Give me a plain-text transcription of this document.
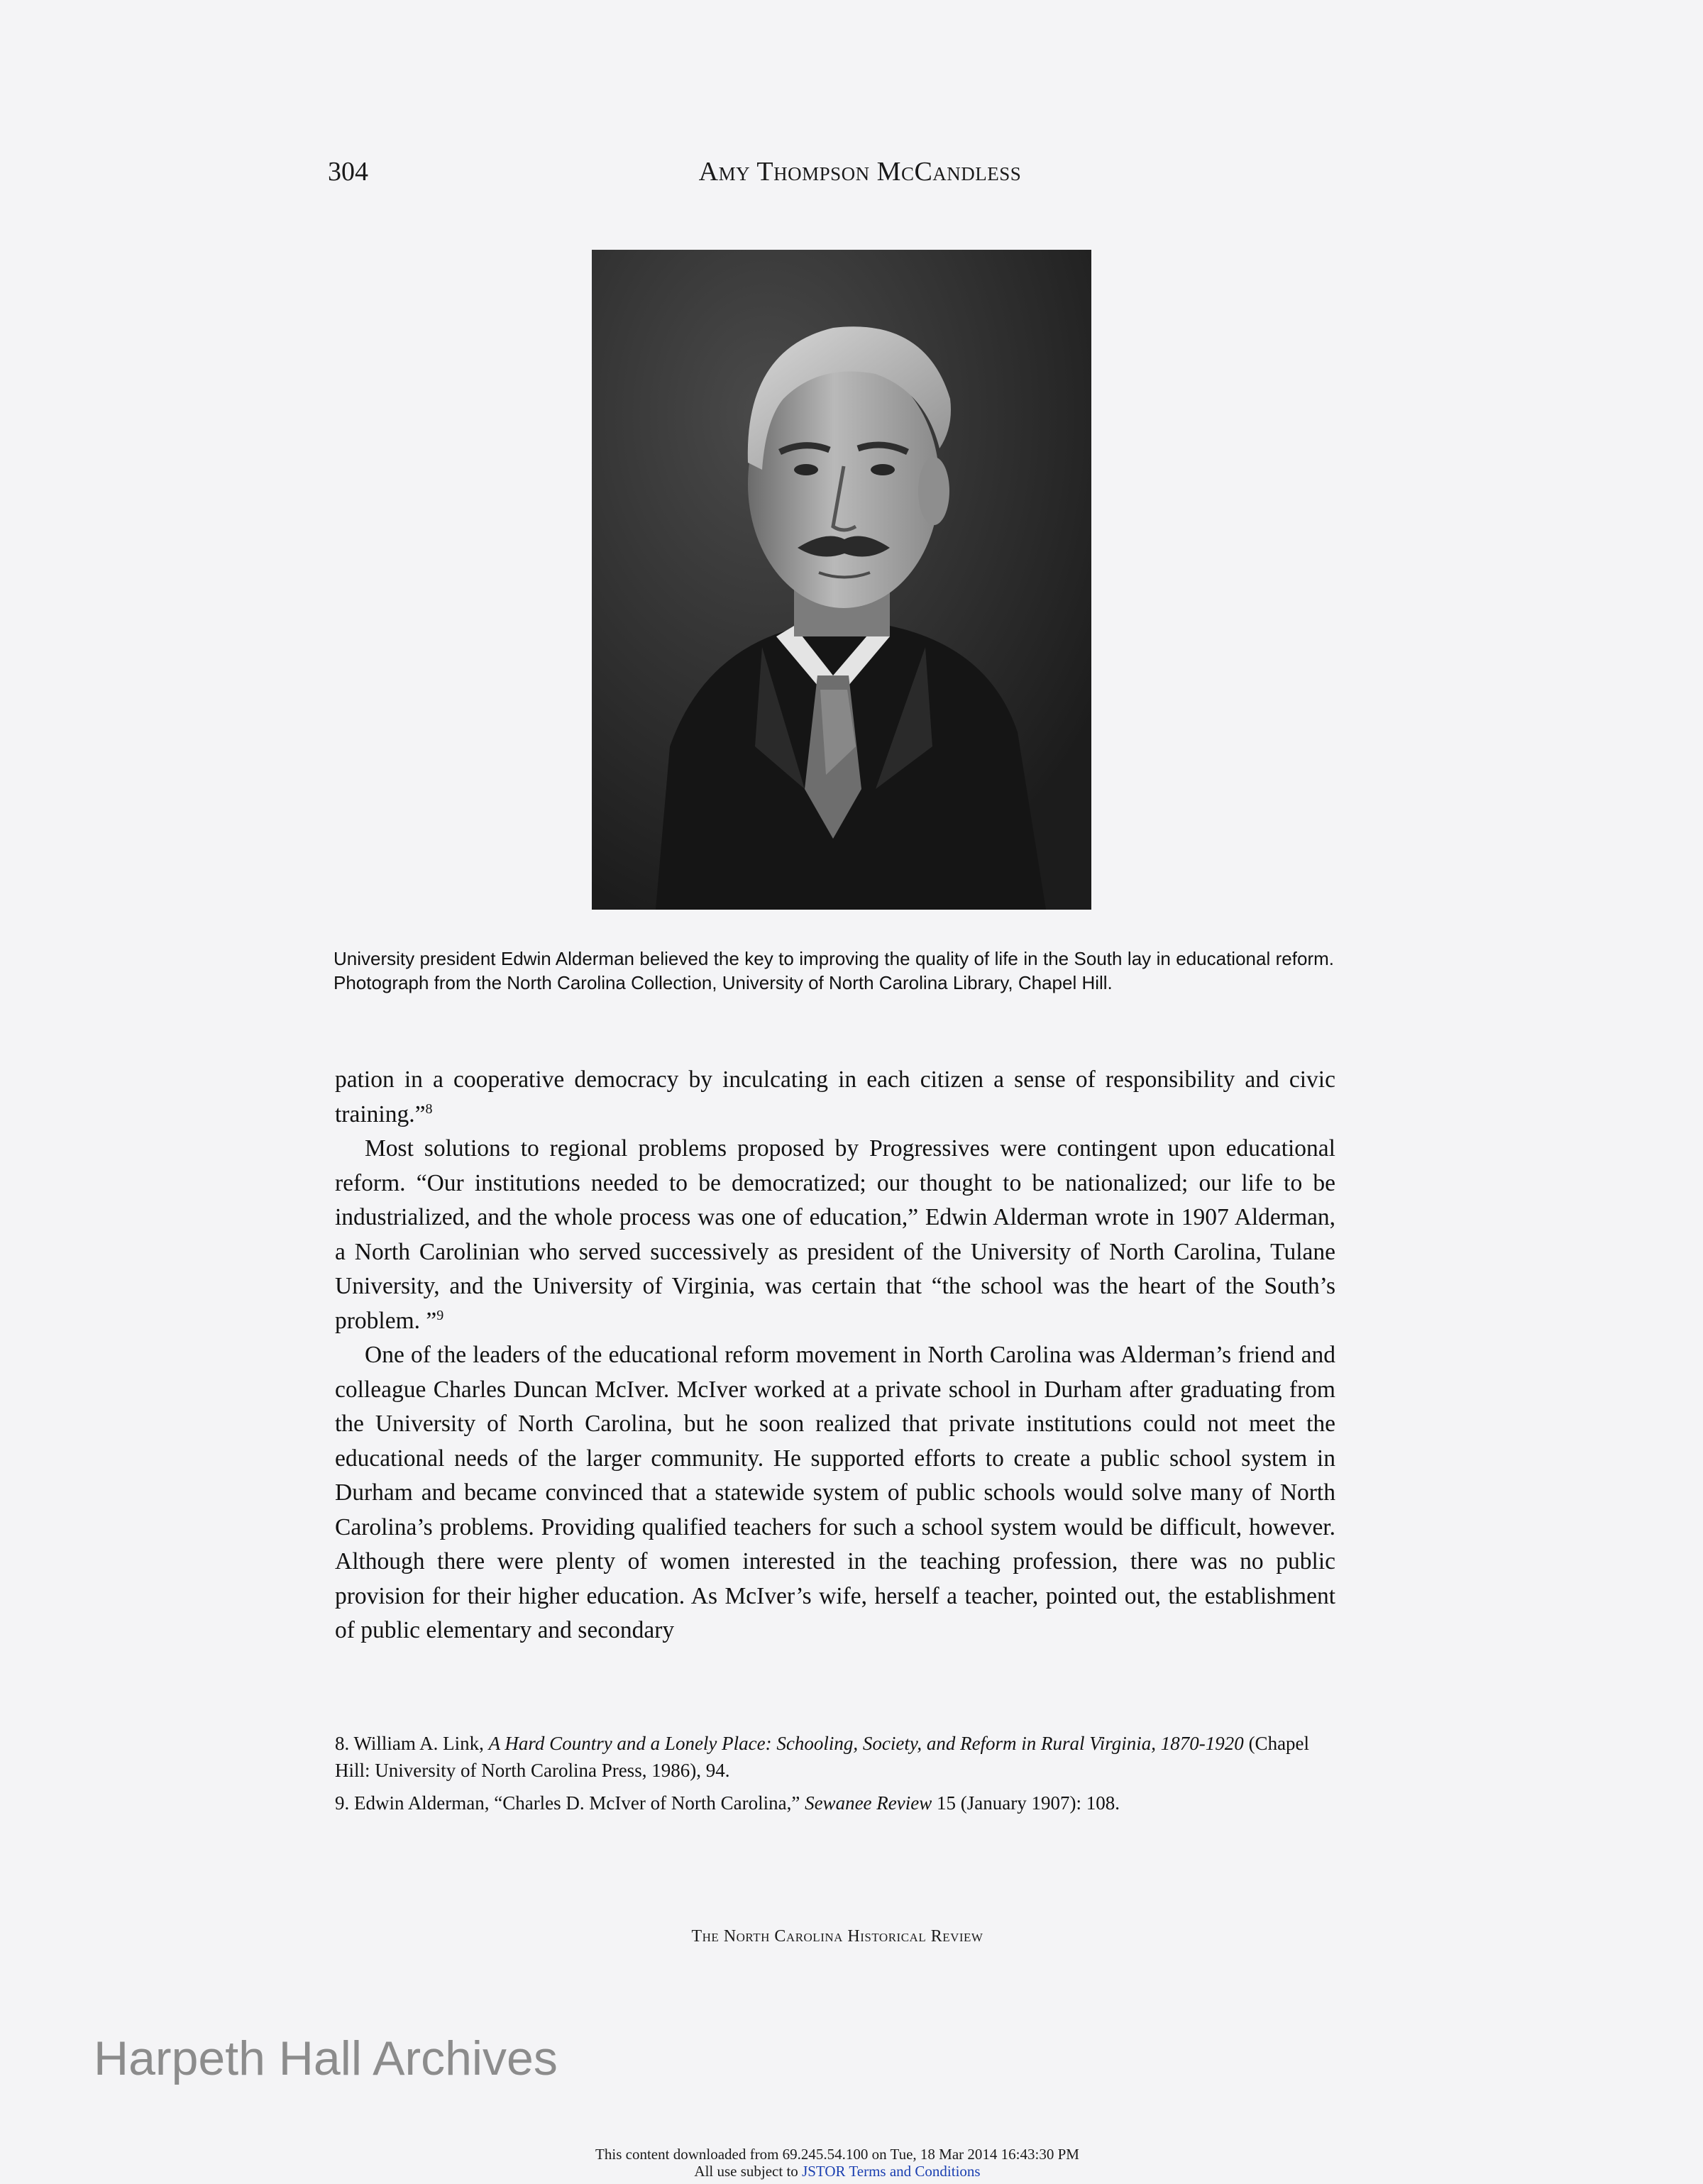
304	Amy Thompson McCandless
University president Edwin Alderman believed the key to improving the quality of life in the South lay in educational reform. Photograph from the North Carolina Collection, University of North Carolina Library, Chapel Hill.

pation in a cooperative democracy by inculcating in each citizen a sense of responsibility and civic training.”$^8$

Most solutions to regional problems proposed by Progressives were contingent upon educational reform. “Our institutions needed to be democratized; our thought to be nationalized; our life to be industrialized, and the whole process was one of education,” Edwin Alderman wrote in 1907 Alderman, a North Carolinian who served successively as president of the University of North Carolina, Tulane University, and the University of Virginia, was certain that “the school was the heart of the South’s problem. ”$^9$

One of the leaders of the educational reform movement in North Carolina was Alderman’s friend and colleague Charles Duncan McIver. McIver worked at a private school in Durham after graduating from the University of North Carolina, but he soon realized that private institutions could not meet the educational needs of the larger community. He supported efforts to create a public school system in Durham and became convinced that a statewide system of public schools would solve many of North Carolina’s problems. Providing qualified teachers for such a school system would be difficult, however. Although there were plenty of women interested in the teaching profession, there was no public provision for their higher education. As McIver’s wife, herself a teacher, pointed out, the establishment of public elementary and secondary

8. William A. Link, A Hard Country and a Lonely Place: Schooling, Society, and Reform in Rural Virginia, 1870-1920 (Chapel Hill: University of North Carolina Press, 1986), 94.

9. Edwin Alderman, “Charles D. McIver of North Carolina,” Sewanee Review 15 (January 1907): 108.

The North Carolina Historical Review
Harpeth Hall Archives
This content downloaded from 69.245.54.100 on Tue, 18 Mar 2014 16:43:30 PM
All use subject to JSTOR Terms and Conditions
